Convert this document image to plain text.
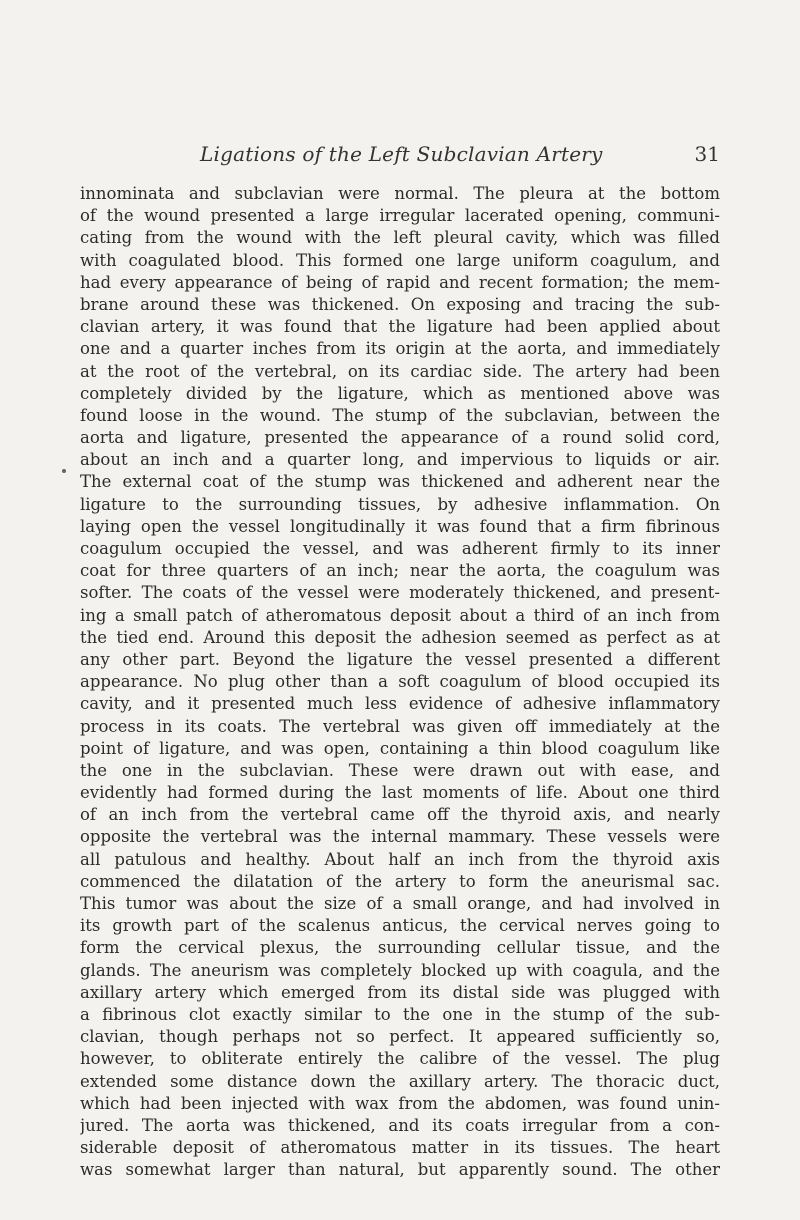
Ligations of the Left Subclavian Artery	31
innominata and subclavian were normal. The pleura at the bottom
of the wound presented a large irregular lacerated opening, communi-
cating from the wound with the left pleural cavity, which was filled
with coagulated blood. This formed one large uniform coagulum, and
had every appearance of being of rapid and recent formation; the mem-
brane around these was thickened. On exposing and tracing the sub-
clavian artery, it was found that the ligature had been applied about
one and a quarter inches from its origin at the aorta, and immediately
at the root of the vertebral, on its cardiac side. The artery had been
completely divided by the ligature, which as mentioned above was
found loose in the wound. The stump of the subclavian, between the
aorta and ligature, presented the appearance of a round solid cord,
about an inch and a quarter long, and impervious to liquids or air.
The external coat of the stump was thickened and adherent near the
ligature to the surrounding tissues, by adhesive inflammation. On
laying open the vessel longitudinally it was found that a firm fibrinous
coagulum occupied the vessel, and was adherent firmly to its inner
coat for three quarters of an inch; near the aorta, the coagulum was
softer. The coats of the vessel were moderately thickened, and present-
ing a small patch of atheromatous deposit about a third of an inch from
the tied end. Around this deposit the adhesion seemed as perfect as at
any other part. Beyond the ligature the vessel presented a different
appearance. No plug other than a soft coagulum of blood occupied its
cavity, and it presented much less evidence of adhesive inflammatory
process in its coats. The vertebral was given off immediately at the
point of ligature, and was open, containing a thin blood coagulum like
the one in the subclavian. These were drawn out with ease, and
evidently had formed during the last moments of life. About one third
of an inch from the vertebral came off the thyroid axis, and nearly
opposite the vertebral was the internal mammary. These vessels were
all patulous and healthy. About half an inch from the thyroid axis
commenced the dilatation of the artery to form the aneurismal sac.
This tumor was about the size of a small orange, and had involved in
its growth part of the scalenus anticus, the cervical nerves going to
form the cervical plexus, the surrounding cellular tissue, and the
glands. The aneurism was completely blocked up with coagula, and the
axillary artery which emerged from its distal side was plugged with
a fibrinous clot exactly similar to the one in the stump of the sub-
clavian, though perhaps not so perfect. It appeared sufficiently so,
however, to obliterate entirely the calibre of the vessel. The plug
extended some distance down the axillary artery. The thoracic duct,
which had been injected with wax from the abdomen, was found unin-
jured. The aorta was thickened, and its coats irregular from a con-
siderable deposit of atheromatous matter in its tissues. The heart
was somewhat larger than natural, but apparently sound. The other
